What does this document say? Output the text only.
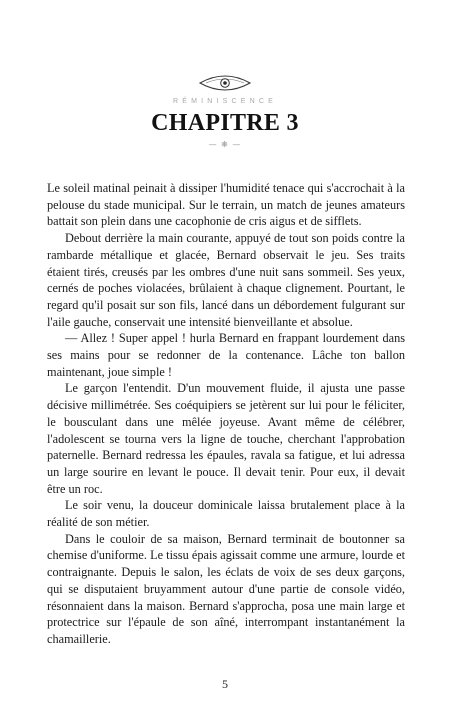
RÉMINISCENCE
CHAPITRE 3
— ❋ —

Le soleil matinal peinait à dissiper l'humidité tenace qui s'accrochait à la pelouse du stade municipal. Sur le terrain, un match de jeunes amateurs battait son plein dans une cacophonie de cris aigus et de sifflets.

Debout derrière la main courante, appuyé de tout son poids contre la rambarde métallique et glacée, Bernard observait le jeu. Ses traits étaient tirés, creusés par les ombres d'une nuit sans sommeil. Ses yeux, cernés de poches violacées, brûlaient à chaque clignement. Pourtant, le regard qu'il posait sur son fils, lancé dans un débordement fulgurant sur l'aile gauche, conservait une intensité bienveillante et absolue.

— Allez ! Super appel ! hurla Bernard en frappant lourdement dans ses mains pour se redonner de la contenance. Lâche ton ballon maintenant, joue simple !

Le garçon l'entendit. D'un mouvement fluide, il ajusta une passe décisive millimétrée. Ses coéquipiers se jetèrent sur lui pour le féliciter, le bousculant dans une mêlée joyeuse. Avant même de célébrer, l'adolescent se tourna vers la ligne de touche, cherchant l'approbation paternelle. Bernard redressa les épaules, ravala sa fatigue, et lui adressa un large sourire en levant le pouce. Il devait tenir. Pour eux, il devait être un roc.

Le soir venu, la douceur dominicale laissa brutalement place à la réalité de son métier.

Dans le couloir de sa maison, Bernard terminait de boutonner sa chemise d'uniforme. Le tissu épais agissait comme une armure, lourde et contraignante. Depuis le salon, les éclats de voix de ses deux garçons, qui se disputaient bruyamment autour d'une partie de console vidéo, résonnaient dans la maison. Bernard s'approcha, posa une main large et protectrice sur l'épaule de son aîné, interrompant instantanément la chamaillerie.

5
